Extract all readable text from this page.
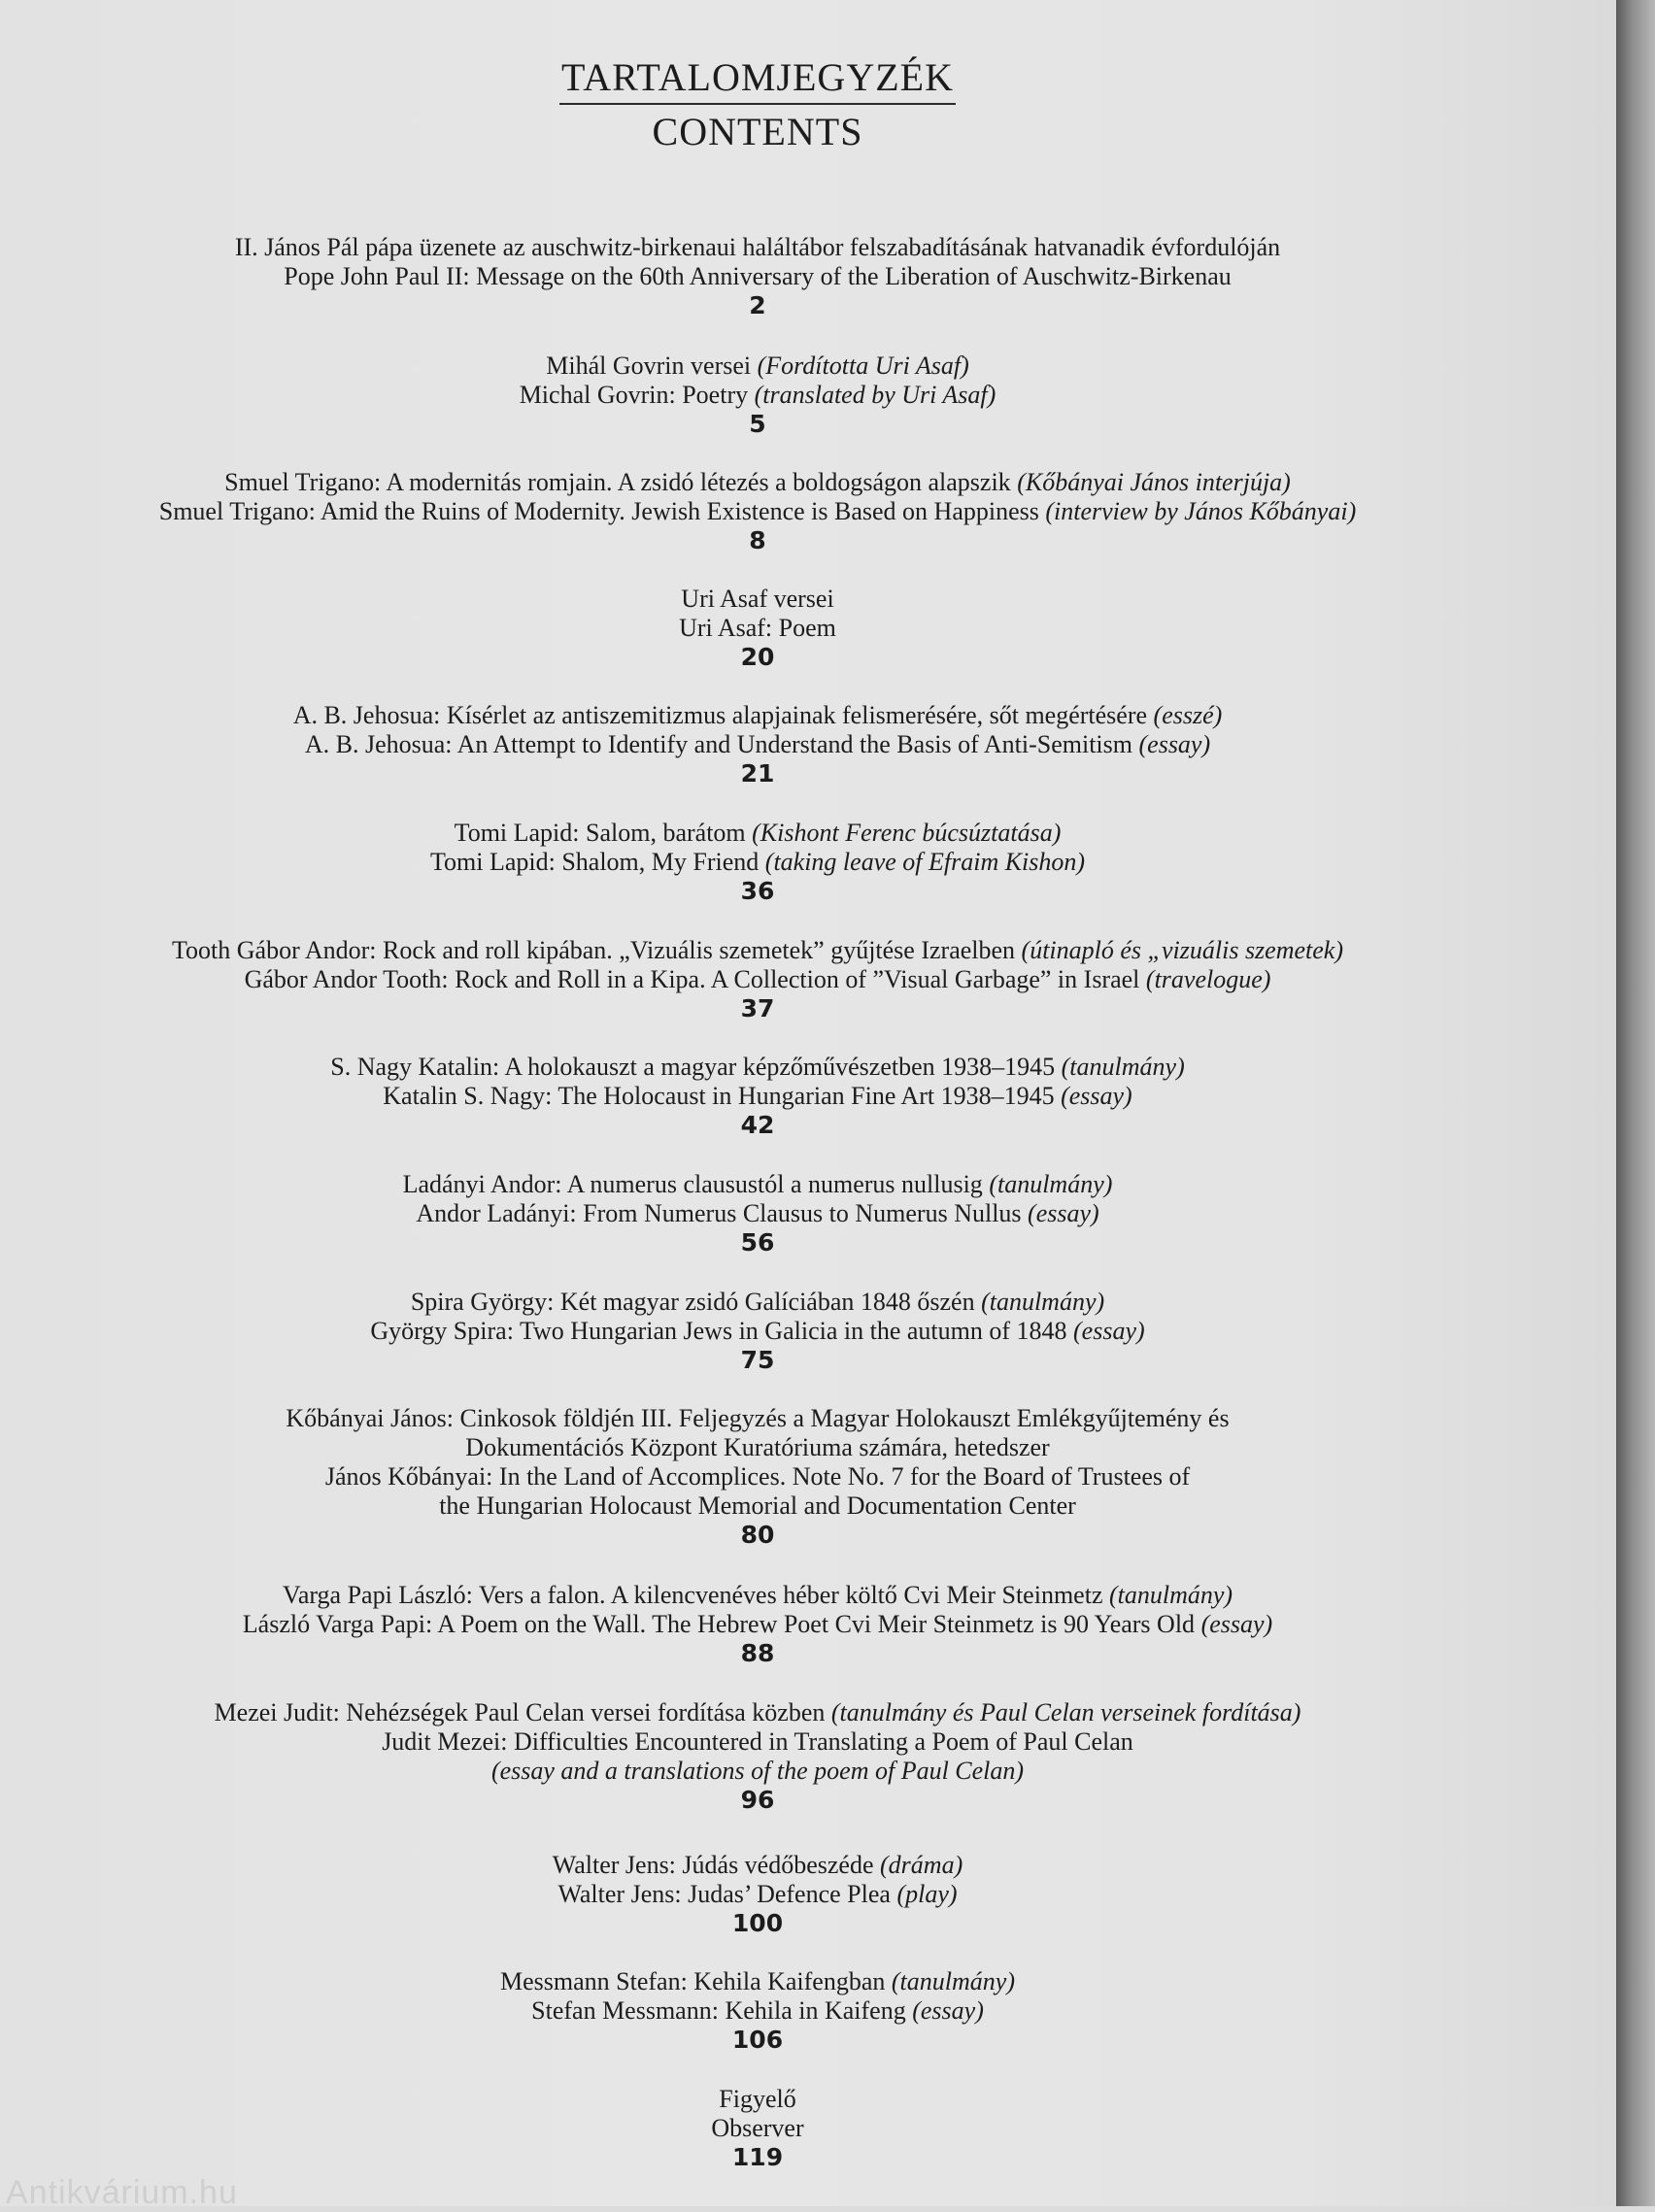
TARTALOMJEGYZÉK
CONTENTS
II. János Pál pápa üzenete az auschwitz-birkenaui haláltábor felszabadításának hatvanadik évfordulóján
Pope John Paul II: Message on the 60th Anniversary of the Liberation of Auschwitz-Birkenau
2
Mihál Govrin versei (Fordította Uri Asaf)
Michal Govrin: Poetry (translated by Uri Asaf)
5
Smuel Trigano: A modernitás romjain. A zsidó létezés a boldogságon alapszik (Kőbányai János interjúja)
Smuel Trigano: Amid the Ruins of Modernity. Jewish Existence is Based on Happiness (interview by János Kőbányai)
8
Uri Asaf versei
Uri Asaf: Poem
20
A. B. Jehosua: Kísérlet az antiszemitizmus alapjainak felismerésére, sőt megértésére (esszé)
A. B. Jehosua: An Attempt to Identify and Understand the Basis of Anti-Semitism (essay)
21
Tomi Lapid: Salom, barátom (Kishont Ferenc búcsúztatása)
Tomi Lapid: Shalom, My Friend (taking leave of Efraim Kishon)
36
Tooth Gábor Andor: Rock and roll kipában. „Vizuális szemetek” gyűjtése Izraelben (útinapló és „vizuális szemetek)
Gábor Andor Tooth: Rock and Roll in a Kipa. A Collection of ”Visual Garbage” in Israel (travelogue)
37
S. Nagy Katalin: A holokauszt a magyar képzőművészetben 1938–1945 (tanulmány)
Katalin S. Nagy: The Holocaust in Hungarian Fine Art 1938–1945 (essay)
42
Ladányi Andor: A numerus clausustól a numerus nullusig (tanulmány)
Andor Ladányi: From Numerus Clausus to Numerus Nullus (essay)
56
Spira György: Két magyar zsidó Galíciában 1848 őszén (tanulmány)
György Spira: Two Hungarian Jews in Galicia in the autumn of 1848 (essay)
75
Kőbányai János: Cinkosok földjén III. Feljegyzés a Magyar Holokauszt Emlékgyűjtemény és
Dokumentációs Központ Kuratóriuma számára, hetedszer
János Kőbányai: In the Land of Accomplices. Note No. 7 for the Board of Trustees of
the Hungarian Holocaust Memorial and Documentation Center
80
Varga Papi László: Vers a falon. A kilencvenéves héber költő Cvi Meir Steinmetz (tanulmány)
László Varga Papi: A Poem on the Wall. The Hebrew Poet Cvi Meir Steinmetz is 90 Years Old (essay)
88
Mezei Judit: Nehézségek Paul Celan versei fordítása közben (tanulmány és Paul Celan verseinek fordítása)
Judit Mezei: Difficulties Encountered in Translating a Poem of Paul Celan
(essay and a translations of the poem of Paul Celan)
96
Walter Jens: Júdás védőbeszéde (dráma)
Walter Jens: Judas’ Defence Plea (play)
100
Messmann Stefan: Kehila Kaifengban (tanulmány)
Stefan Messmann: Kehila in Kaifeng (essay)
106
Figyelő
Observer
119
Antikvárium.hu
